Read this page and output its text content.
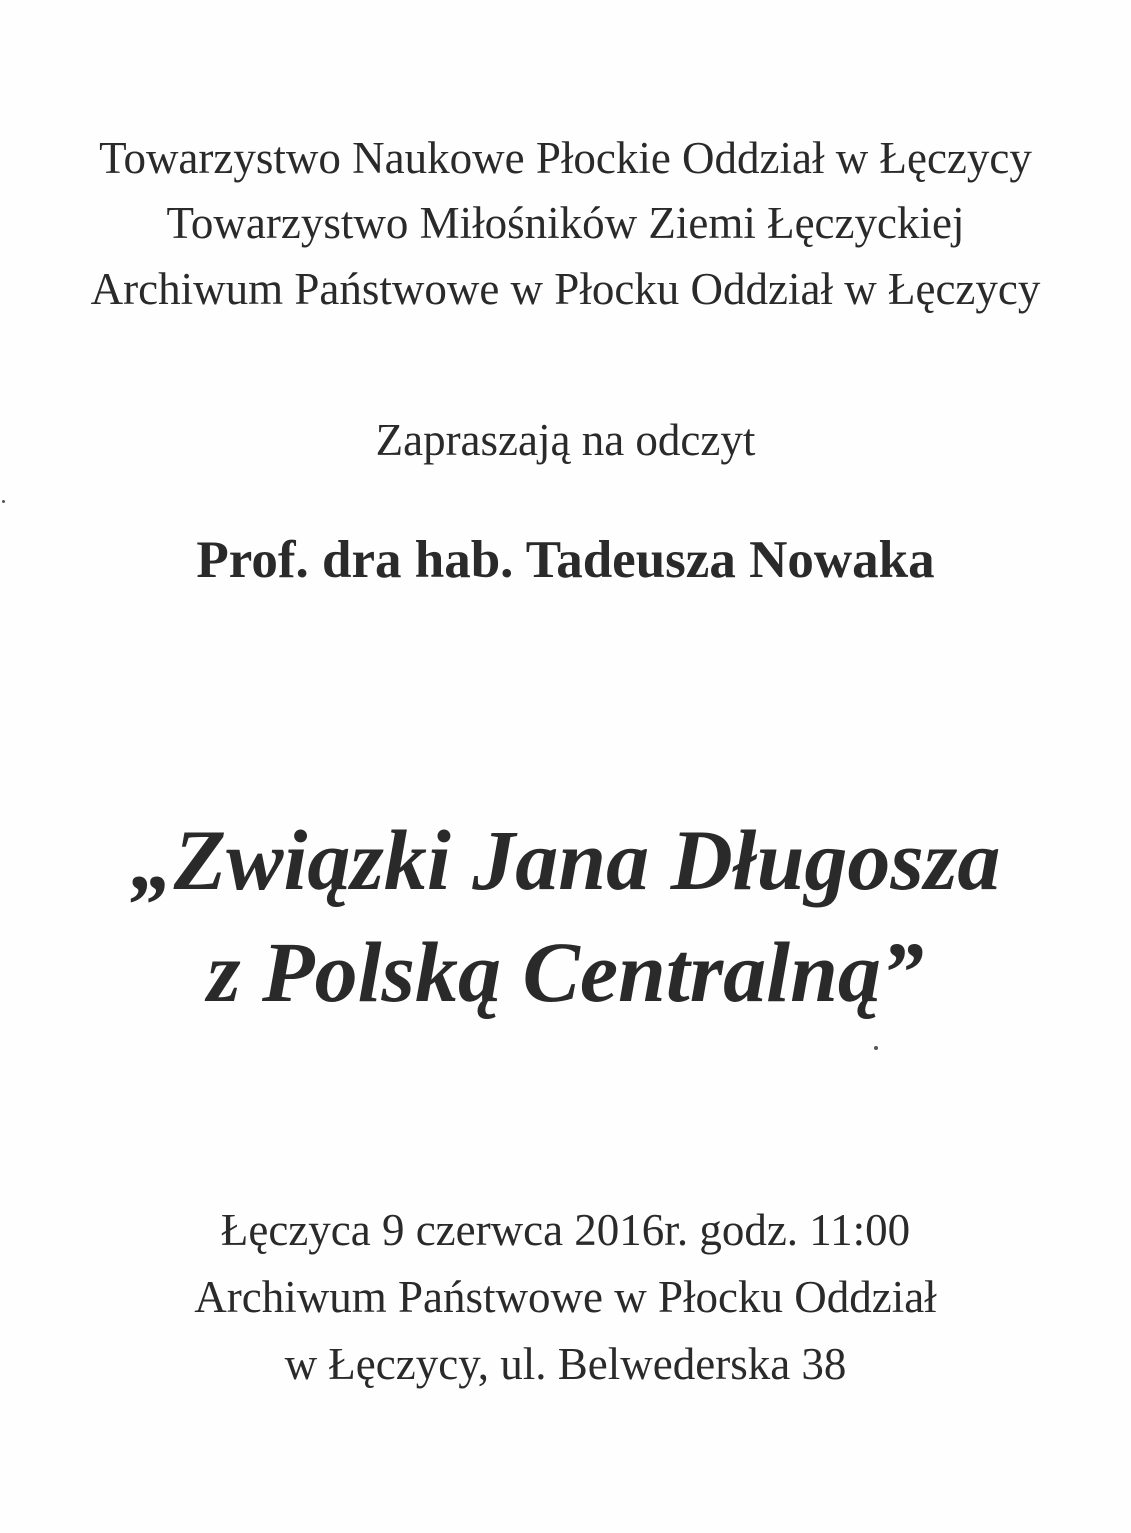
Towarzystwo Naukowe Płockie Oddział w Łęczycy
Towarzystwo Miłośników Ziemi Łęczyckiej
Archiwum Państwowe w Płocku Oddział w Łęczycy
Zapraszają na odczyt
Prof. dra hab. Tadeusza Nowaka
„Związki Jana Długosza
z Polską Centralną”
Łęczyca 9 czerwca 2016r. godz. 11:00
Archiwum Państwowe w Płocku Oddział
w Łęczycy, ul. Belwederska 38
